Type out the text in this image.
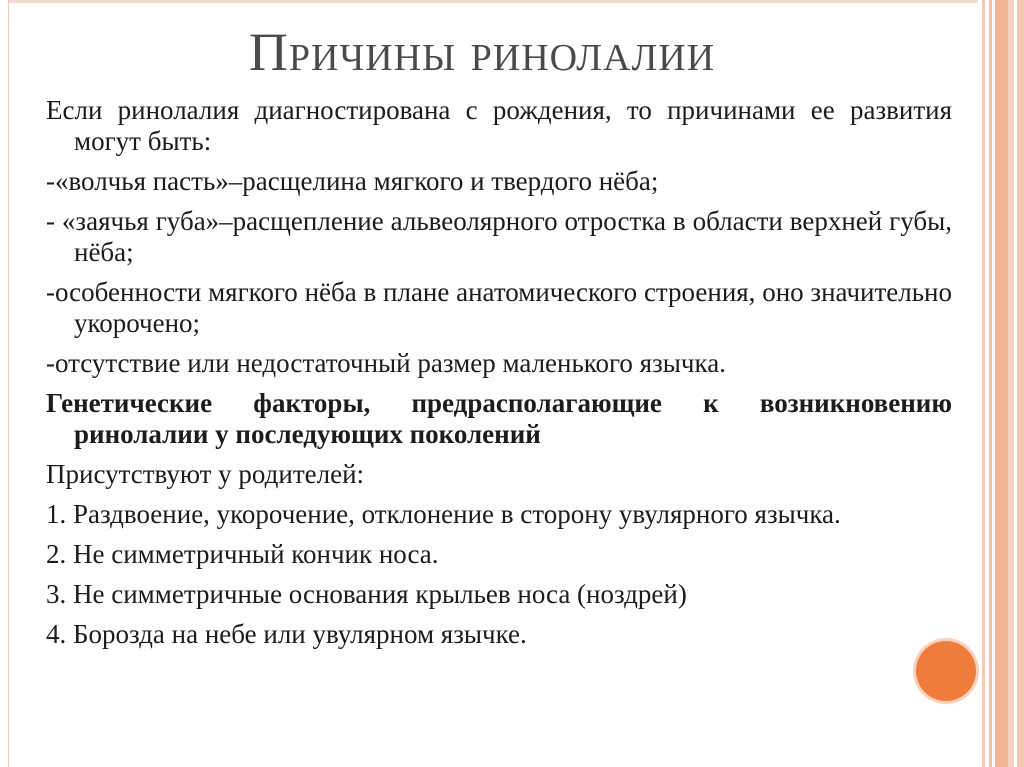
Причины ринолалии

Если ринолалия диагностирована с рождения, то причинами ее развития могут быть:

-«волчья пасть»‒расщелина мягкого и твердого нёба;

- «заячья губа»‒расщепление альвеолярного отростка в области верхней губы, нёба;

-особенности мягкого нёба в плане анатомического строения, оно значительно укорочено;

-отсутствие или недостаточный размер маленького язычка.

Генетические факторы, предрасполагающие к возникновению ринолалии у последующих поколений

Присутствуют у родителей:

1. Раздвоение, укорочение, отклонение в сторону увулярного язычка.

2. Не симметричный кончик носа.

3. Не симметричные основания крыльев носа (ноздрей)

4. Борозда на небе или увулярном язычке.
